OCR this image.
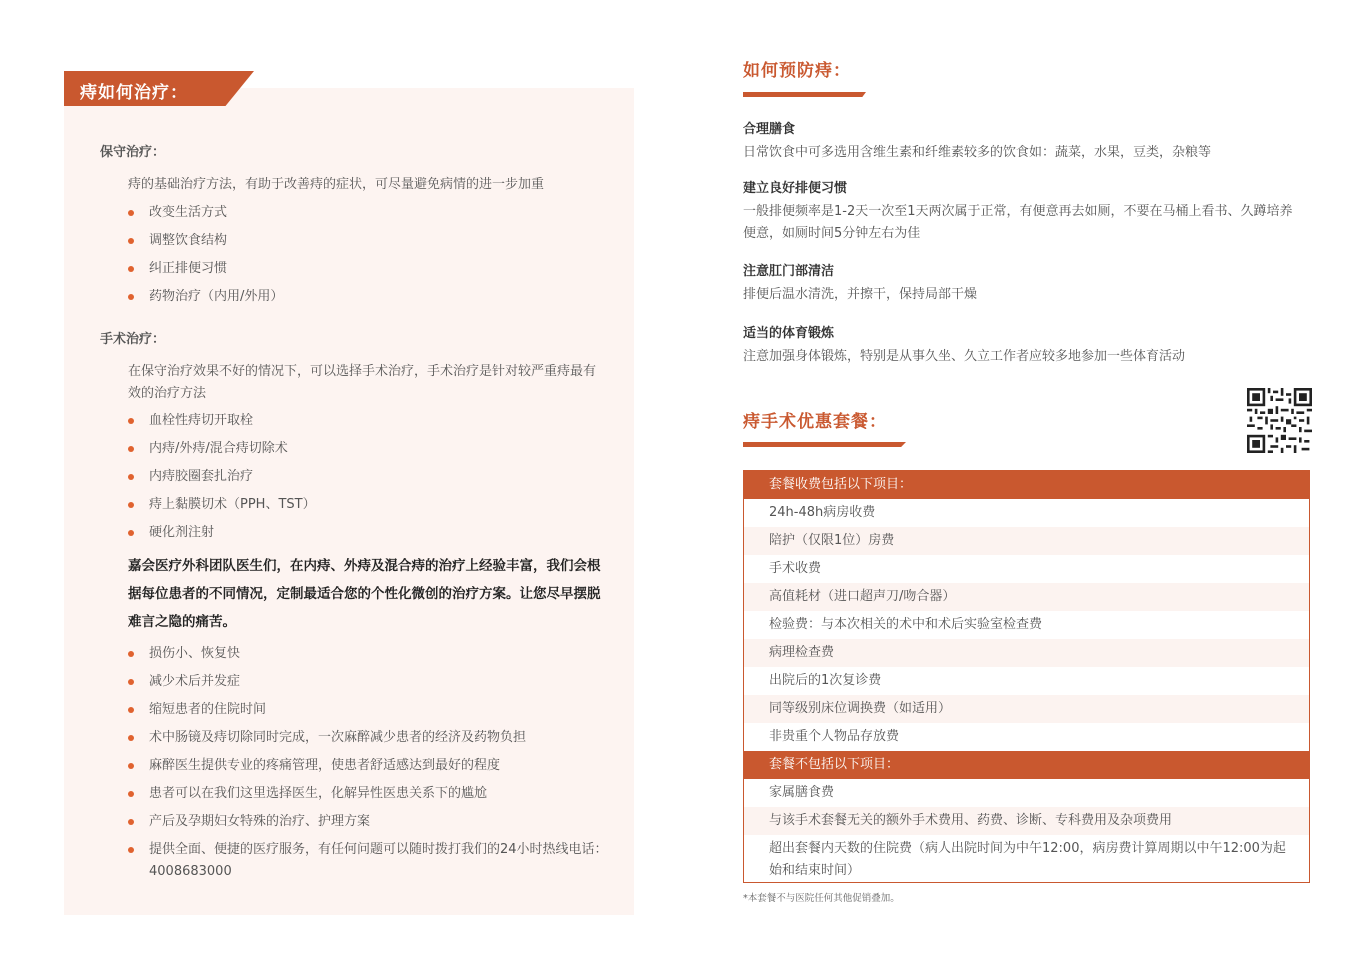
痔如何治疗：
保守治疗：
痔的基础治疗方法，有助于改善痔的症状，可尽量避免病情的进一步加重
改变生活方式
调整饮食结构
纠正排便习惯
药物治疗（内用/外用）
手术治疗：
在保守治疗效果不好的情况下，可以选择手术治疗，手术治疗是针对较严重痔最有效的治疗方法
血栓性痔切开取栓
内痔/外痔/混合痔切除术
内痔胶圈套扎治疗
痔上黏膜切术（PPH、TST）
硬化剂注射
嘉会医疗外科团队医生们，在内痔、外痔及混合痔的治疗上经验丰富，我们会根据每位患者的不同情况，定制最适合您的个性化微创的治疗方案。让您尽早摆脱难言之隐的痛苦。
损伤小、恢复快
减少术后并发症
缩短患者的住院时间
术中肠镜及痔切除同时完成，一次麻醉减少患者的经济及药物负担
麻醉医生提供专业的疼痛管理，使患者舒适感达到最好的程度
患者可以在我们这里选择医生，化解异性医患关系下的尴尬
产后及孕期妇女特殊的治疗、护理方案
提供全面、便捷的医疗服务，有任何问题可以随时拨打我们的24小时热线电话：4008683000
如何预防痔：
合理膳食
日常饮食中可多选用含维生素和纤维素较多的饮食如：蔬菜，水果，豆类，杂粮等
建立良好排便习惯
一般排便频率是1-2天一次至1天两次属于正常，有便意再去如厕，不要在马桶上看书、久蹲培养便意，如厕时间5分钟左右为佳
注意肛门部清洁
排便后温水清洗，并擦干，保持局部干燥
适当的体育锻炼
注意加强身体锻炼，特别是从事久坐、久立工作者应较多地参加一些体育活动
痔手术优惠套餐：
套餐收费包括以下项目：
24h-48h病房收费
陪护（仅限1位）房费
手术收费
高值耗材（进口超声刀/吻合器）
检验费：与本次相关的术中和术后实验室检查费
病理检查费
出院后的1次复诊费
同等级别床位调换费（如适用）
非贵重个人物品存放费
套餐不包括以下项目：
家属膳食费
与该手术套餐无关的额外手术费用、药费、诊断、专科费用及杂项费用
超出套餐内天数的住院费（病人出院时间为中午12:00，病房费计算周期以中午12:00为起始和结束时间）
*本套餐不与医院任何其他促销叠加。
